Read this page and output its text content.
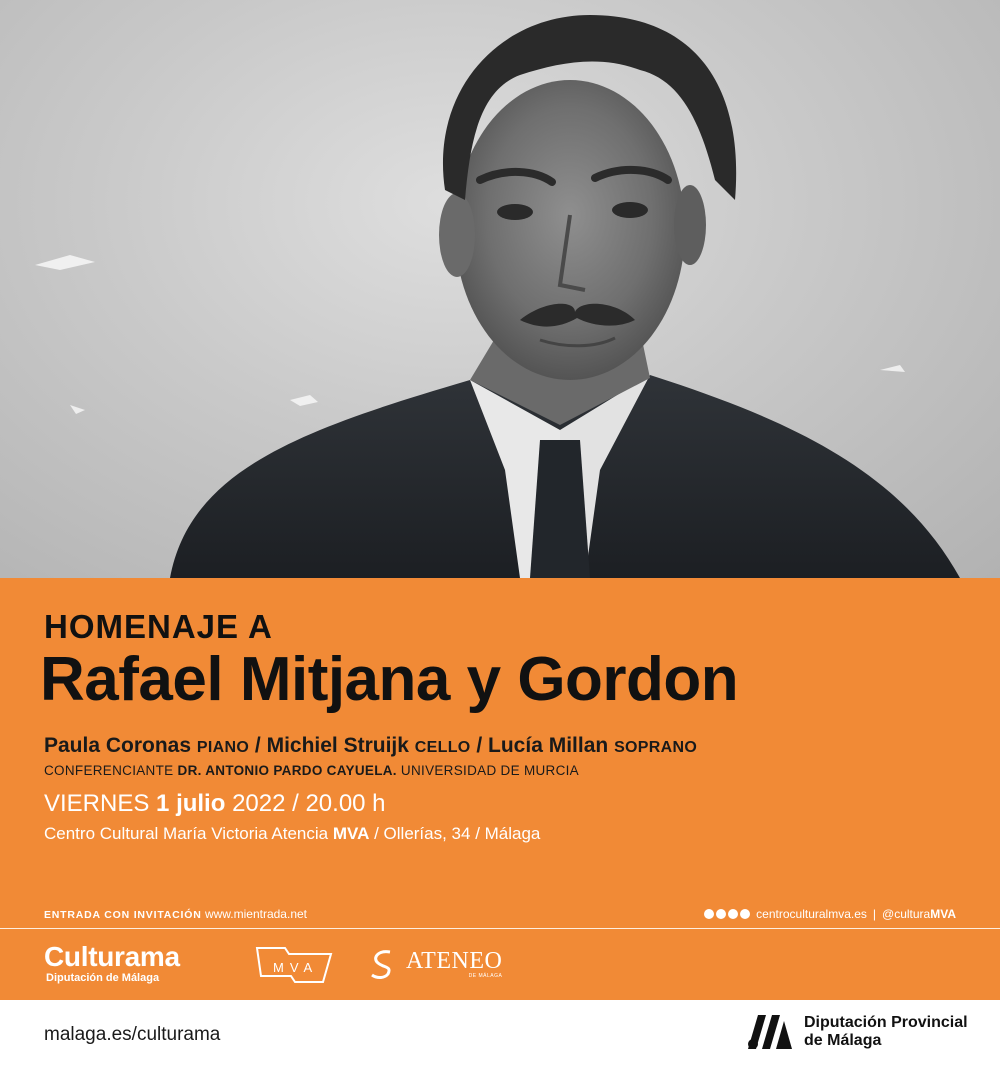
HOMENAJE A
Rafael Mitjana y Gordon
Paula Coronas PIANO / Michiel Struijk CELLO / Lucía Millan SOPRANO
CONFERENCIANTE DR. ANTONIO PARDO CAYUELA. UNIVERSIDAD DE MURCIA
VIERNES 1 julio 2022 / 20.00 h
Centro Cultural María Victoria Atencia MVA / Ollerías, 34 / Málaga
ENTRADA CON INVITACIÓN www.mientrada.net	centroculturalmva.es | @culturaMVA
Culturama
Diputación de Málaga
MVA	ATENEO
DE MÁLAGA
malaga.es/culturama
Diputación Provincial
de Málaga
